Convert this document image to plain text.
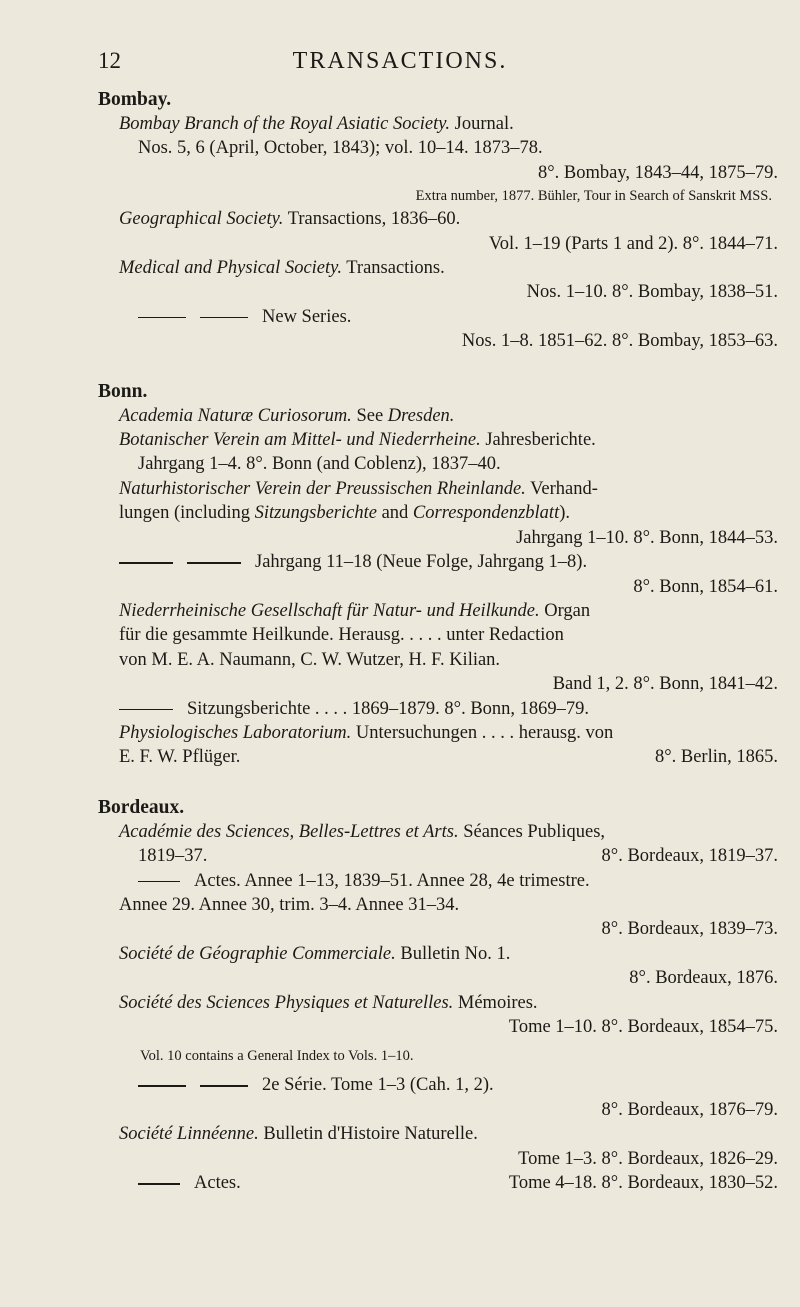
12	TRANSACTIONS.
Bombay.
Bombay Branch of the Royal Asiatic Society. Journal.
Nos. 5, 6 (April, October, 1843); vol. 10–14. 1873–78.
8°. Bombay, 1843–44, 1875–79.
Extra number, 1877. Bühler, Tour in Search of Sanskrit MSS.
Geographical Society. Transactions, 1836–60.
Vol. 1–19 (Parts 1 and 2). 8°. 1844–71.
Medical and Physical Society. Transactions.
Nos. 1–10. 8°. Bombay, 1838–51.
New Series.
Nos. 1–8. 1851–62. 8°. Bombay, 1853–63.
Bonn.
Academia Naturæ Curiosorum. See Dresden.
Botanischer Verein am Mittel- und Niederrheine. Jahresberichte.
Jahrgang 1–4. 8°. Bonn (and Coblenz), 1837–40.
Naturhistorischer Verein der Preussischen Rheinlande. Verhand-
lungen (including Sitzungsberichte and Correspondenzblatt).
Jahrgang 1–10. 8°. Bonn, 1844–53.
Jahrgang 11–18 (Neue Folge, Jahrgang 1–8).
8°. Bonn, 1854–61.
Niederrheinische Gesellschaft für Natur- und Heilkunde. Organ
für die gesammte Heilkunde. Herausg. . . . . unter Redaction
von M. E. A. Naumann, C. W. Wutzer, H. F. Kilian.
Band 1, 2. 8°. Bonn, 1841–42.
Sitzungsberichte . . . . 1869–1879. 8°. Bonn, 1869–79.
Physiologisches Laboratorium. Untersuchungen . . . . herausg. von
E. F. W. Pflüger.	8°. Berlin, 1865.
Bordeaux.
Académie des Sciences, Belles-Lettres et Arts. Séances Publiques,
1819–37.	8°. Bordeaux, 1819–37.
Actes. Annee 1–13, 1839–51. Annee 28, 4e trimestre.
Annee 29. Annee 30, trim. 3–4. Annee 31–34.
8°. Bordeaux, 1839–73.
Société de Géographie Commerciale. Bulletin No. 1.
8°. Bordeaux, 1876.
Société des Sciences Physiques et Naturelles. Mémoires.
Tome 1–10. 8°. Bordeaux, 1854–75.
Vol. 10 contains a General Index to Vols. 1–10.
2e Série. Tome 1–3 (Cah. 1, 2).
8°. Bordeaux, 1876–79.
Société Linnéenne. Bulletin d'Histoire Naturelle.
Tome 1–3. 8°. Bordeaux, 1826–29.
Actes.	Tome 4–18. 8°. Bordeaux, 1830–52.
